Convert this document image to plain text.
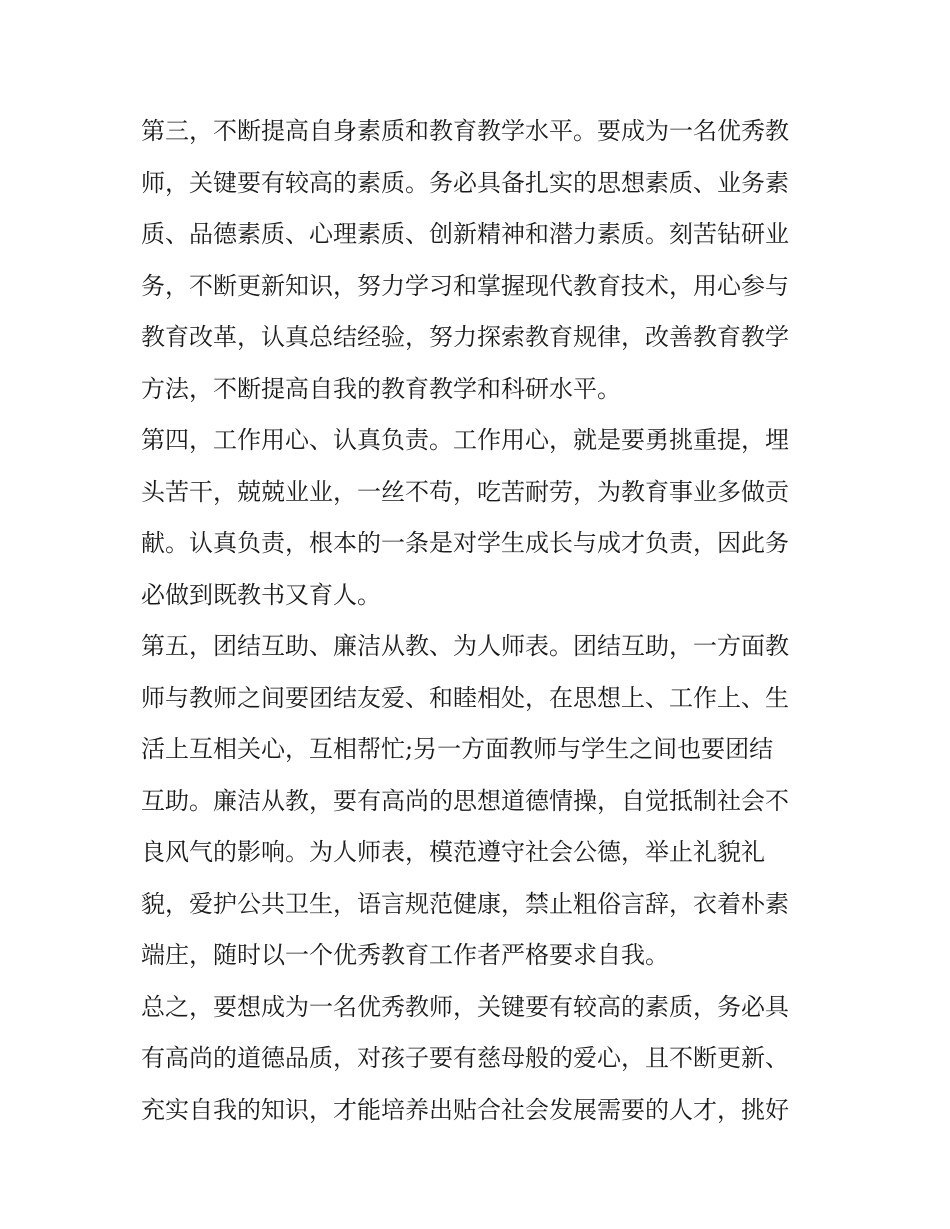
第三，不断提高自身素质和教育教学水平。要成为一名优秀教
师，关键要有较高的素质。务必具备扎实的思想素质、业务素
质、品德素质、心理素质、创新精神和潜力素质。刻苦钻研业
务，不断更新知识，努力学习和掌握现代教育技术，用心参与
教育改革，认真总结经验，努力探索教育规律，改善教育教学
方法，不断提高自我的教育教学和科研水平。
第四，工作用心、认真负责。工作用心，就是要勇挑重提，埋
头苦干，兢兢业业，一丝不苟，吃苦耐劳，为教育事业多做贡
献。认真负责，根本的一条是对学生成长与成才负责，因此务
必做到既教书又育人。
第五，团结互助、廉洁从教、为人师表。团结互助，一方面教
师与教师之间要团结友爱、和睦相处，在思想上、工作上、生
活上互相关心，互相帮忙;另一方面教师与学生之间也要团结
互助。廉洁从教，要有高尚的思想道德情操，自觉抵制社会不
良风气的影响。为人师表，模范遵守社会公德，举止礼貌礼
貌，爱护公共卫生，语言规范健康，禁止粗俗言辞，衣着朴素
端庄，随时以一个优秀教育工作者严格要求自我。
总之，要想成为一名优秀教师，关键要有较高的素质，务必具
有高尚的道德品质，对孩子要有慈母般的爱心，且不断更新、
充实自我的知识，才能培养出贴合社会发展需要的人才，挑好
